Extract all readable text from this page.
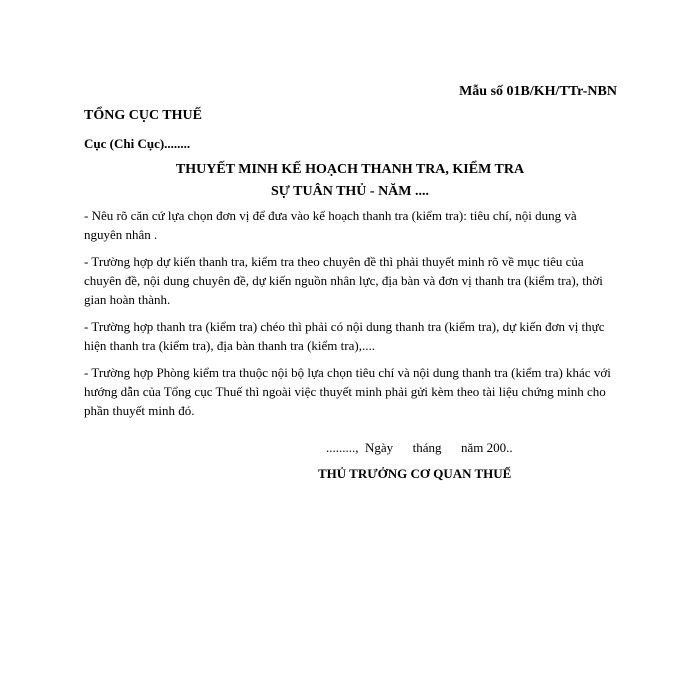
Mẫu số 01B/KH/TTr-NBN
TỔNG CỤC THUẾ
Cục (Chi Cục)........
THUYẾT MINH KẾ HOẠCH THANH TRA, KIỂM TRA
SỰ TUÂN THỦ - NĂM ....

- Nêu rõ căn cứ lựa chọn đơn vị để đưa vào kế hoạch thanh tra (kiểm tra): tiêu chí, nội dung và nguyên nhân .

- Trường hợp dự kiến thanh tra, kiểm tra theo chuyên đề thì phải thuyết minh rõ về mục tiêu của chuyên đề, nội dung chuyên đề, dự kiến nguồn nhân lực, địa bàn và đơn vị thanh tra (kiểm tra), thời gian hoàn thành.

- Trường hợp thanh tra (kiểm tra) chéo thì phải có nội dung thanh tra (kiểm tra), dự kiến đơn vị thực hiện thanh tra (kiểm tra), địa bàn thanh tra (kiểm tra),....

- Trường hợp Phòng kiểm tra thuộc nội bộ lựa chọn tiêu chí và nội dung thanh tra (kiểm tra) khác với hướng dẫn của Tổng cục Thuế thì ngoài việc thuyết minh phải gửi kèm theo tài liệu chứng minh cho phần thuyết minh đó.

.........,  Ngày      tháng      năm 200..
THỦ TRƯỞNG CƠ QUAN THUẾ
